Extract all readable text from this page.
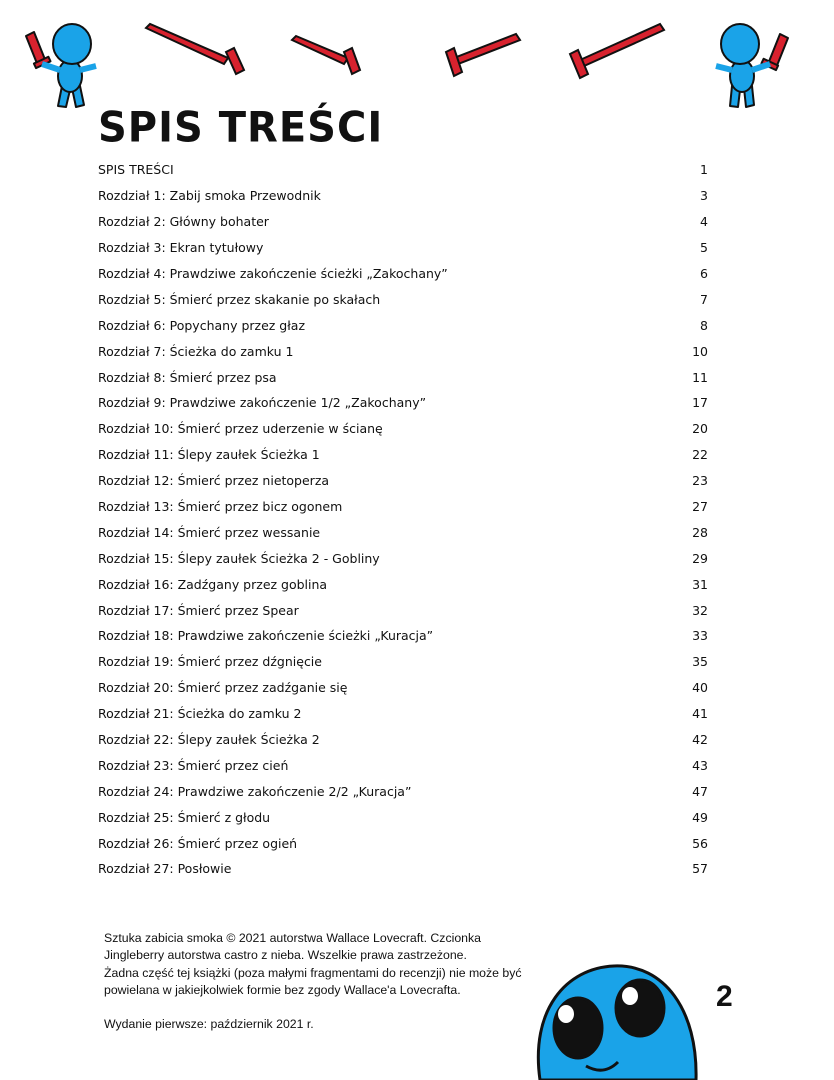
SPIS TREŚCI
SPIS TREŚCI	1
Rozdział 1: Zabij smoka Przewodnik	3
Rozdział 2: Główny bohater	4
Rozdział 3: Ekran tytułowy	5
Rozdział 4: Prawdziwe zakończenie ścieżki „Zakochany”	6
Rozdział 5: Śmierć przez skakanie po skałach	7
Rozdział 6: Popychany przez głaz	8
Rozdział 7: Ścieżka do zamku 1	10
Rozdział 8: Śmierć przez psa	11
Rozdział 9: Prawdziwe zakończenie 1/2 „Zakochany”	17
Rozdział 10: Śmierć przez uderzenie w ścianę	20
Rozdział 11: Ślepy zaułek Ścieżka 1	22
Rozdział 12: Śmierć przez nietoperza	23
Rozdział 13: Śmierć przez bicz ogonem	27
Rozdział 14: Śmierć przez wessanie	28
Rozdział 15: Ślepy zaułek Ścieżka 2 - Gobliny	29
Rozdział 16: Zadźgany przez goblina	31
Rozdział 17: Śmierć przez Spear	32
Rozdział 18: Prawdziwe zakończenie ścieżki „Kuracja”	33
Rozdział 19: Śmierć przez dźgnięcie	35
Rozdział 20: Śmierć przez zadźganie się	40
Rozdział 21: Ścieżka do zamku 2	41
Rozdział 22: Ślepy zaułek Ścieżka 2	42
Rozdział 23: Śmierć przez cień	43
Rozdział 24: Prawdziwe zakończenie 2/2 „Kuracja”	47
Rozdział 25: Śmierć z głodu	49
Rozdział 26: Śmierć przez ogień	56
Rozdział 27: Posłowie	57

Sztuka zabicia smoka © 2021 autorstwa Wallace Lovecraft. Czcionka

Jingleberry autorstwa castro z nieba. Wszelkie prawa zastrzeżone.

Żadna część tej książki (poza małymi fragmentami do recenzji) nie może być

powielana w jakiejkolwiek formie bez zgody Wallace'a Lovecrafta.

Wydanie pierwsze: październik 2021 r.

2
